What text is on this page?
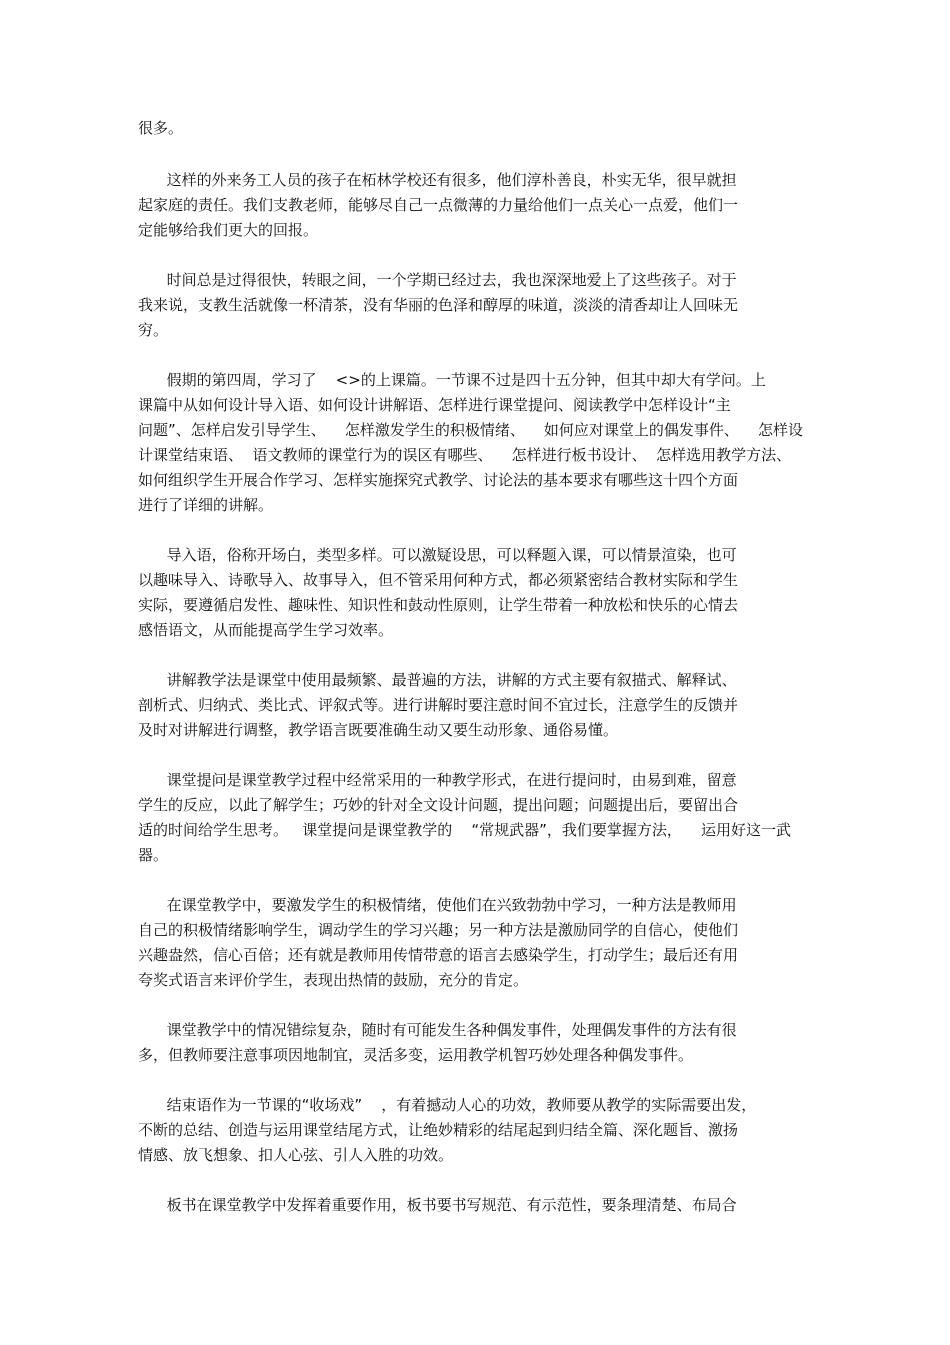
很多。

这样的外来务工人员的孩子在柘林学校还有很多，他们淳朴善良，朴实无华，很早就担

起家庭的责任。我们支教老师，能够尽自己一点微薄的力量给他们一点关心一点爱，他们一

定能够给我们更大的回报。

时间总是过得很快，转眼之间，一个学期已经过去，我也深深地爱上了这些孩子。对于

我来说，支教生活就像一杯清茶，没有华丽的色泽和醇厚的味道，淡淡的清香却让人回味无

穷。

假期的第四周，学习了    <>的上课篇。一节课不过是四十五分钟，但其中却大有学问。上

课篇中从如何设计导入语、如何设计讲解语、怎样进行课堂提问、阅读教学中怎样设计“主

问题”、怎样启发引导学生、    怎样激发学生的积极情绪、    如何应对课堂上的偶发事件、    怎样设

计课堂结束语、  语文教师的课堂行为的误区有哪些、    怎样进行板书设计、  怎样选用教学方法、

如何组织学生开展合作学习、怎样实施探究式教学、讨论法的基本要求有哪些这十四个方面

进行了详细的讲解。

导入语，俗称开场白，类型多样。可以激疑设思，可以释题入课，可以情景渲染，也可

以趣味导入、诗歌导入、故事导入，但不管采用何种方式，都必须紧密结合教材实际和学生

实际，要遵循启发性、趣味性、知识性和鼓动性原则，让学生带着一种放松和快乐的心情去

感悟语文，从而能提高学生学习效率。

讲解教学法是课堂中使用最频繁、最普遍的方法，讲解的方式主要有叙描式、解释试、

剖析式、归纳式、类比式、评叙式等。进行讲解时要注意时间不宜过长，注意学生的反馈并

及时对讲解进行调整，教学语言既要准确生动又要生动形象、通俗易懂。

课堂提问是课堂教学过程中经常采用的一种教学形式，在进行提问时，由易到难，留意

学生的反应，以此了解学生；巧妙的针对全文设计问题，提出问题；问题提出后，要留出合

适的时间给学生思考。   课堂提问是课堂教学的    “常规武器”，我们要掌握方法，    运用好这一武

器。

在课堂教学中，要激发学生的积极情绪，使他们在兴致勃勃中学习，一种方法是教师用

自己的积极情绪影响学生，调动学生的学习兴趣；另一种方法是激励同学的自信心，使他们

兴趣盎然，信心百倍；还有就是教师用传情带意的语言去感染学生，打动学生；最后还有用

夸奖式语言来评价学生，表现出热情的鼓励，充分的肯定。

课堂教学中的情况错综复杂，随时有可能发生各种偶发事件，处理偶发事件的方法有很

多，但教师要注意事项因地制宜，灵活多变，运用教学机智巧妙处理各种偶发事件。

结束语作为一节课的“收场戏”    ，有着撼动人心的功效，教师要从教学的实际需要出发，

不断的总结、创造与运用课堂结尾方式，让绝妙精彩的结尾起到归结全篇、深化题旨、激扬

情感、放飞想象、扣人心弦、引人入胜的功效。

板书在课堂教学中发挥着重要作用，板书要书写规范、有示范性，要条理清楚、布局合
